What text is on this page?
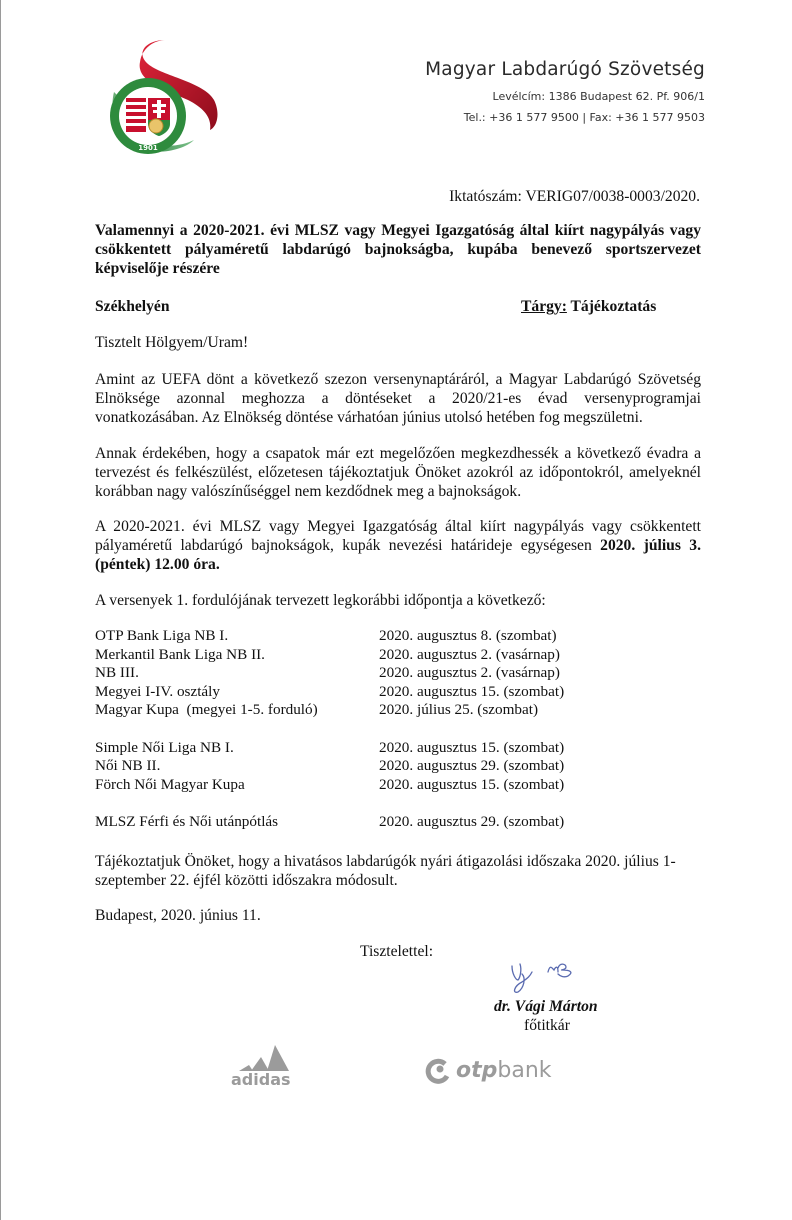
1901
Magyar Labdarúgó Szövetség
Levélcím: 1386 Budapest 62. Pf. 906/1
Tel.: +36 1 577 9500 | Fax: +36 1 577 9503
Iktatószám: VERIG07/0038-0003/2020.
Valamennyi a 2020-2021. évi MLSZ vagy Megyei Igazgatóság által kiírt nagypályás vagy csökkentett pályaméretű labdarúgó bajnokságba, kupába benevező sportszervezet képviselője részére
Székhelyén	Tárgy: Tájékoztatás
Tisztelt Hölgyem/Uram!
Amint az UEFA dönt a következő szezon versenynaptáráról, a Magyar Labdarúgó Szövetség Elnöksége azonnal meghozza a döntéseket a 2020/21-es évad versenyprogramjai vonatkozásában. Az Elnökség döntése várhatóan június utolsó hetében fog megszületni.
Annak érdekében, hogy a csapatok már ezt megelőzően megkezdhessék a következő évadra a tervezést és felkészülést, előzetesen tájékoztatjuk Önöket azokról az időpontokról, amelyeknél korábban nagy valószínűséggel nem kezdődnek meg a bajnokságok.
A 2020-2021. évi MLSZ vagy Megyei Igazgatóság által kiírt nagypályás vagy csökkentett pályaméretű labdarúgó bajnokságok, kupák nevezési határideje egységesen 2020. július 3. (péntek) 12.00 óra.
A versenyek 1. fordulójának tervezett legkorábbi időpontja a következő:
OTP Bank Liga NB I.	2020. augusztus 8. (szombat)
Merkantil Bank Liga NB II.	2020. augusztus 2. (vasárnap)
NB III.	2020. augusztus 2. (vasárnap)
Megyei I-IV. osztály	2020. augusztus 15. (szombat)
Magyar Kupa  (megyei 1-5. forduló)	2020. július 25. (szombat)
Simple Női Liga NB I.	2020. augusztus 15. (szombat)
Női NB II.	2020. augusztus 29. (szombat)
Förch Női Magyar Kupa	2020. augusztus 15. (szombat)
MLSZ Férfi és Női utánpótlás	2020. augusztus 29. (szombat)
Tájékoztatjuk Önöket, hogy a hivatásos labdarúgók nyári átigazolási időszaka 2020. július 1-szeptember 22. éjfél közötti időszakra módosult.
Budapest, 2020. június 11.
Tisztelettel:
dr. Vági Márton
főtitkár
adidas	otpbank
